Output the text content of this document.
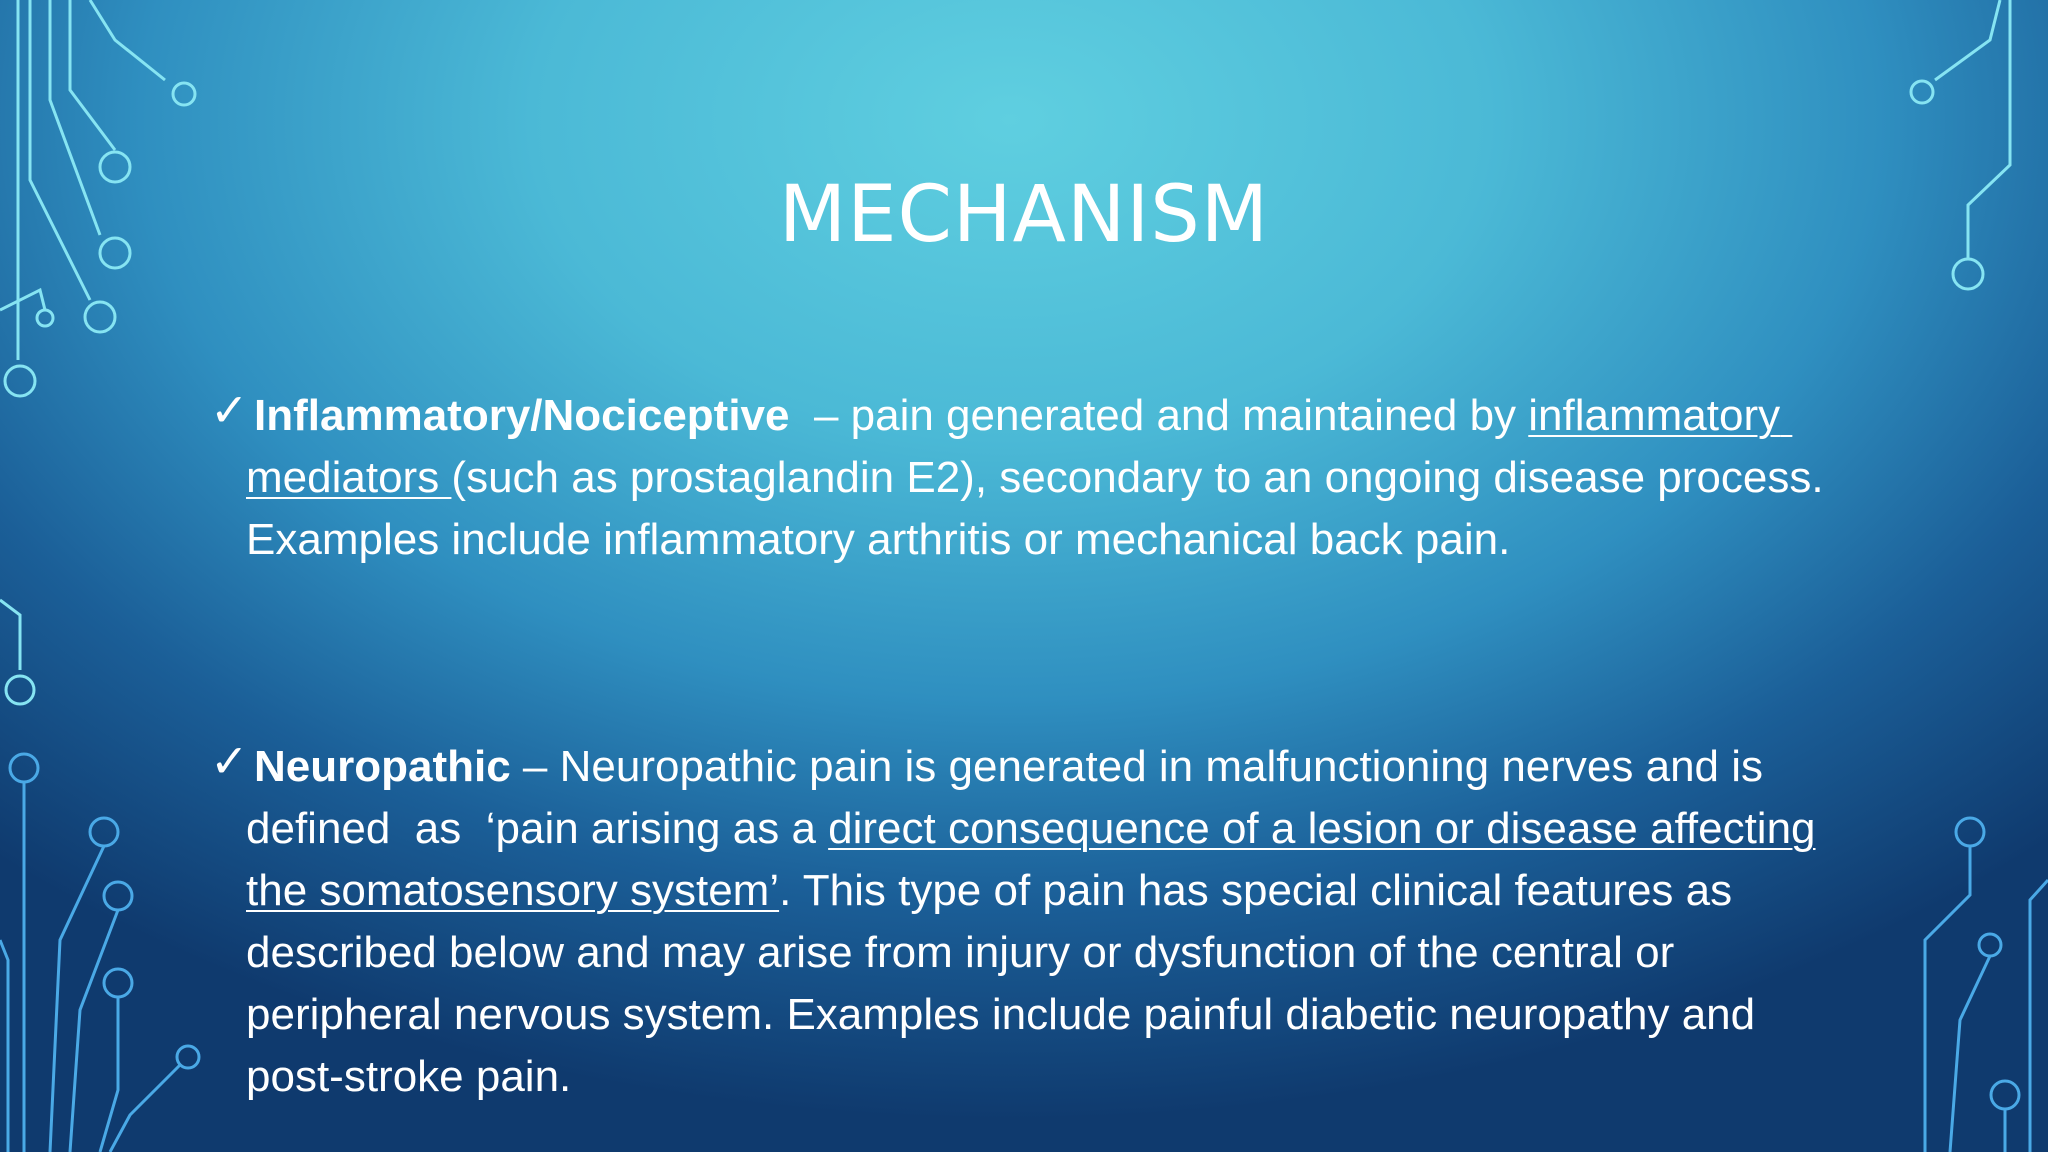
MECHANISM
✓ Inflammatory/Nociceptive  – pain generated and maintained by inflammatory mediators (such as prostaglandin E2), secondary to an ongoing disease process. Examples include inflammatory arthritis or mechanical back pain.
✓ Neuropathic – Neuropathic pain is generated in malfunctioning nerves and is defined  as  ‘pain arising as a direct consequence of a lesion or disease affecting the somatosensory system’. This type of pain has special clinical features as described below and may arise from injury or dysfunction of the central or peripheral nervous system. Examples include painful diabetic neuropathy and post-stroke pain.
